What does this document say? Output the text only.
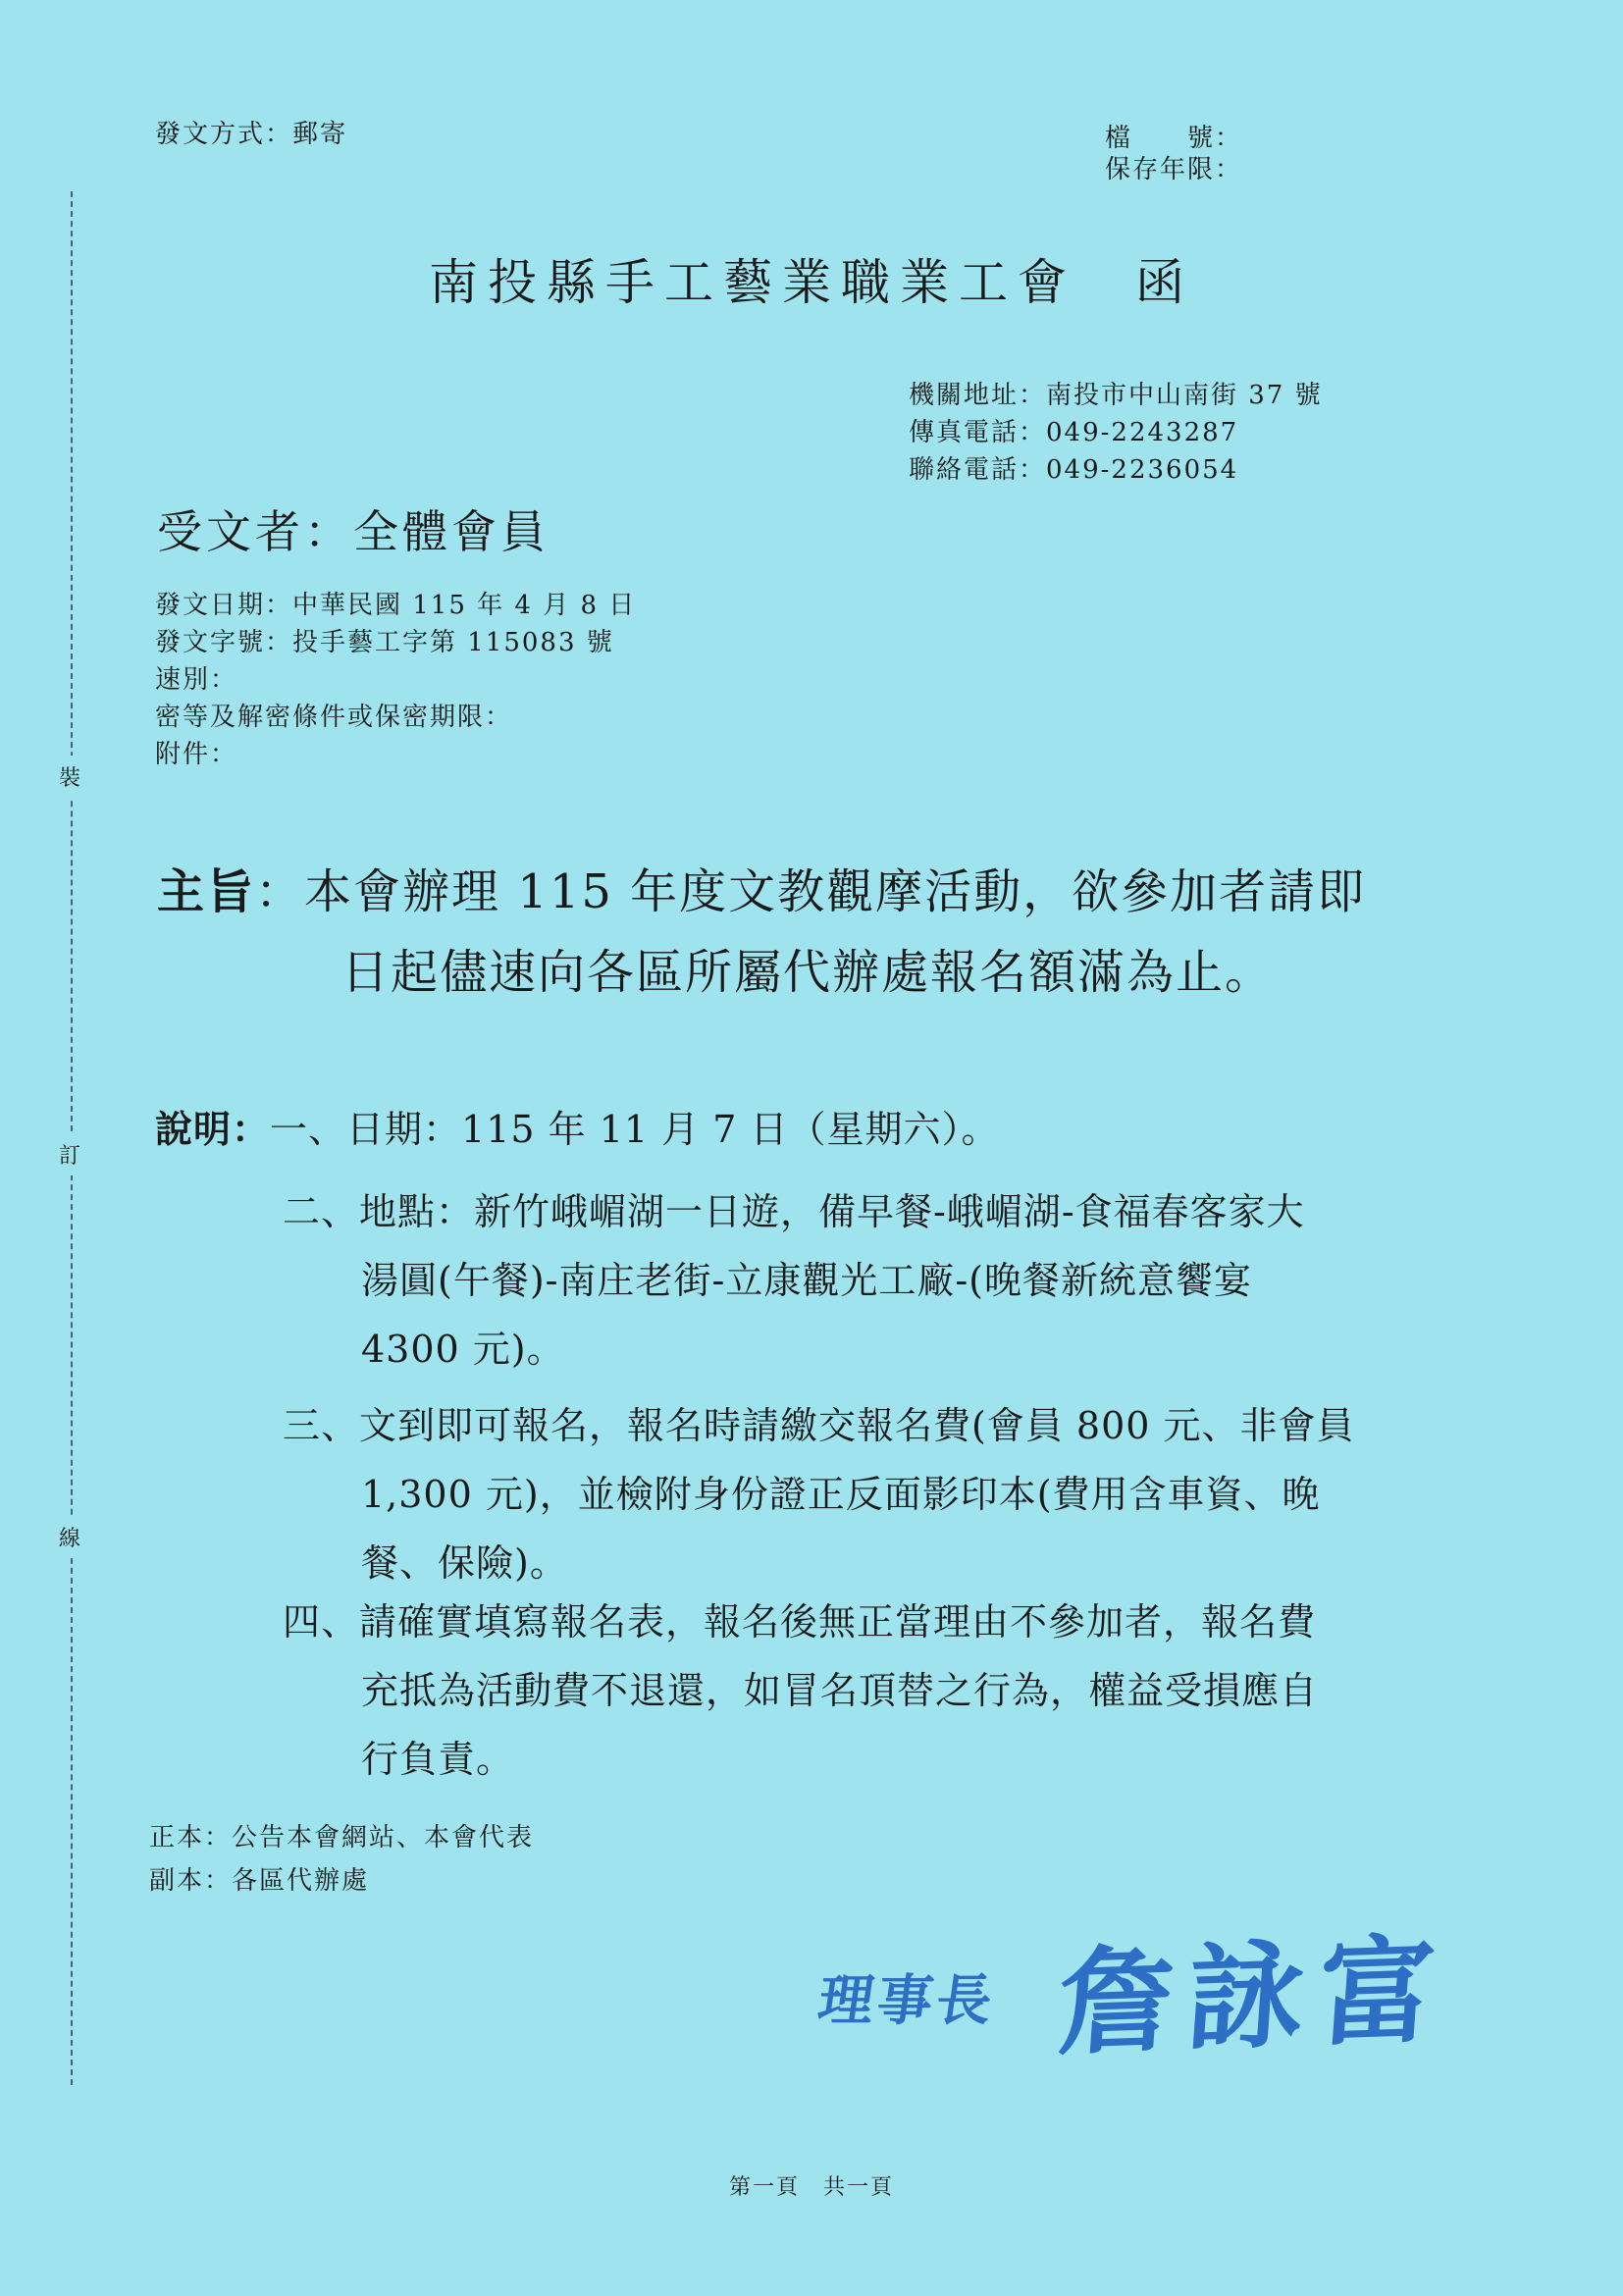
裝
訂
線
發文方式：郵寄	檔　　號：
保存年限：
南投縣手工藝業職業工會 函
機關地址：南投市中山南街 37 號
傳真電話：049-2243287
聯絡電話：049-2236054
受文者：全體會員
發文日期：中華民國 115 年 4 月 8 日
發文字號：投手藝工字第 115083 號
速別：
密等及解密條件或保密期限：
附件：
主旨：本會辦理 115 年度文教觀摩活動，欲參加者請即
日起儘速向各區所屬代辦處報名額滿為止。
說明：一、日期：115 年 11 月 7 日（星期六）。
二、地點：新竹峨嵋湖一日遊，備早餐-峨嵋湖-食福春客家大
湯圓(午餐)-南庄老街-立康觀光工廠-(晚餐新統意饗宴
4300 元)。
三、文到即可報名，報名時請繳交報名費(會員 800 元、非會員
1,300 元)，並檢附身份證正反面影印本(費用含車資、晚
餐、保險)。
四、請確實填寫報名表，報名後無正當理由不參加者，報名費
充抵為活動費不退還，如冒名頂替之行為，權益受損應自
行負責。
正本：公告本會網站、本會代表
副本：各區代辦處
理事長 詹詠富
第一頁　共一頁
